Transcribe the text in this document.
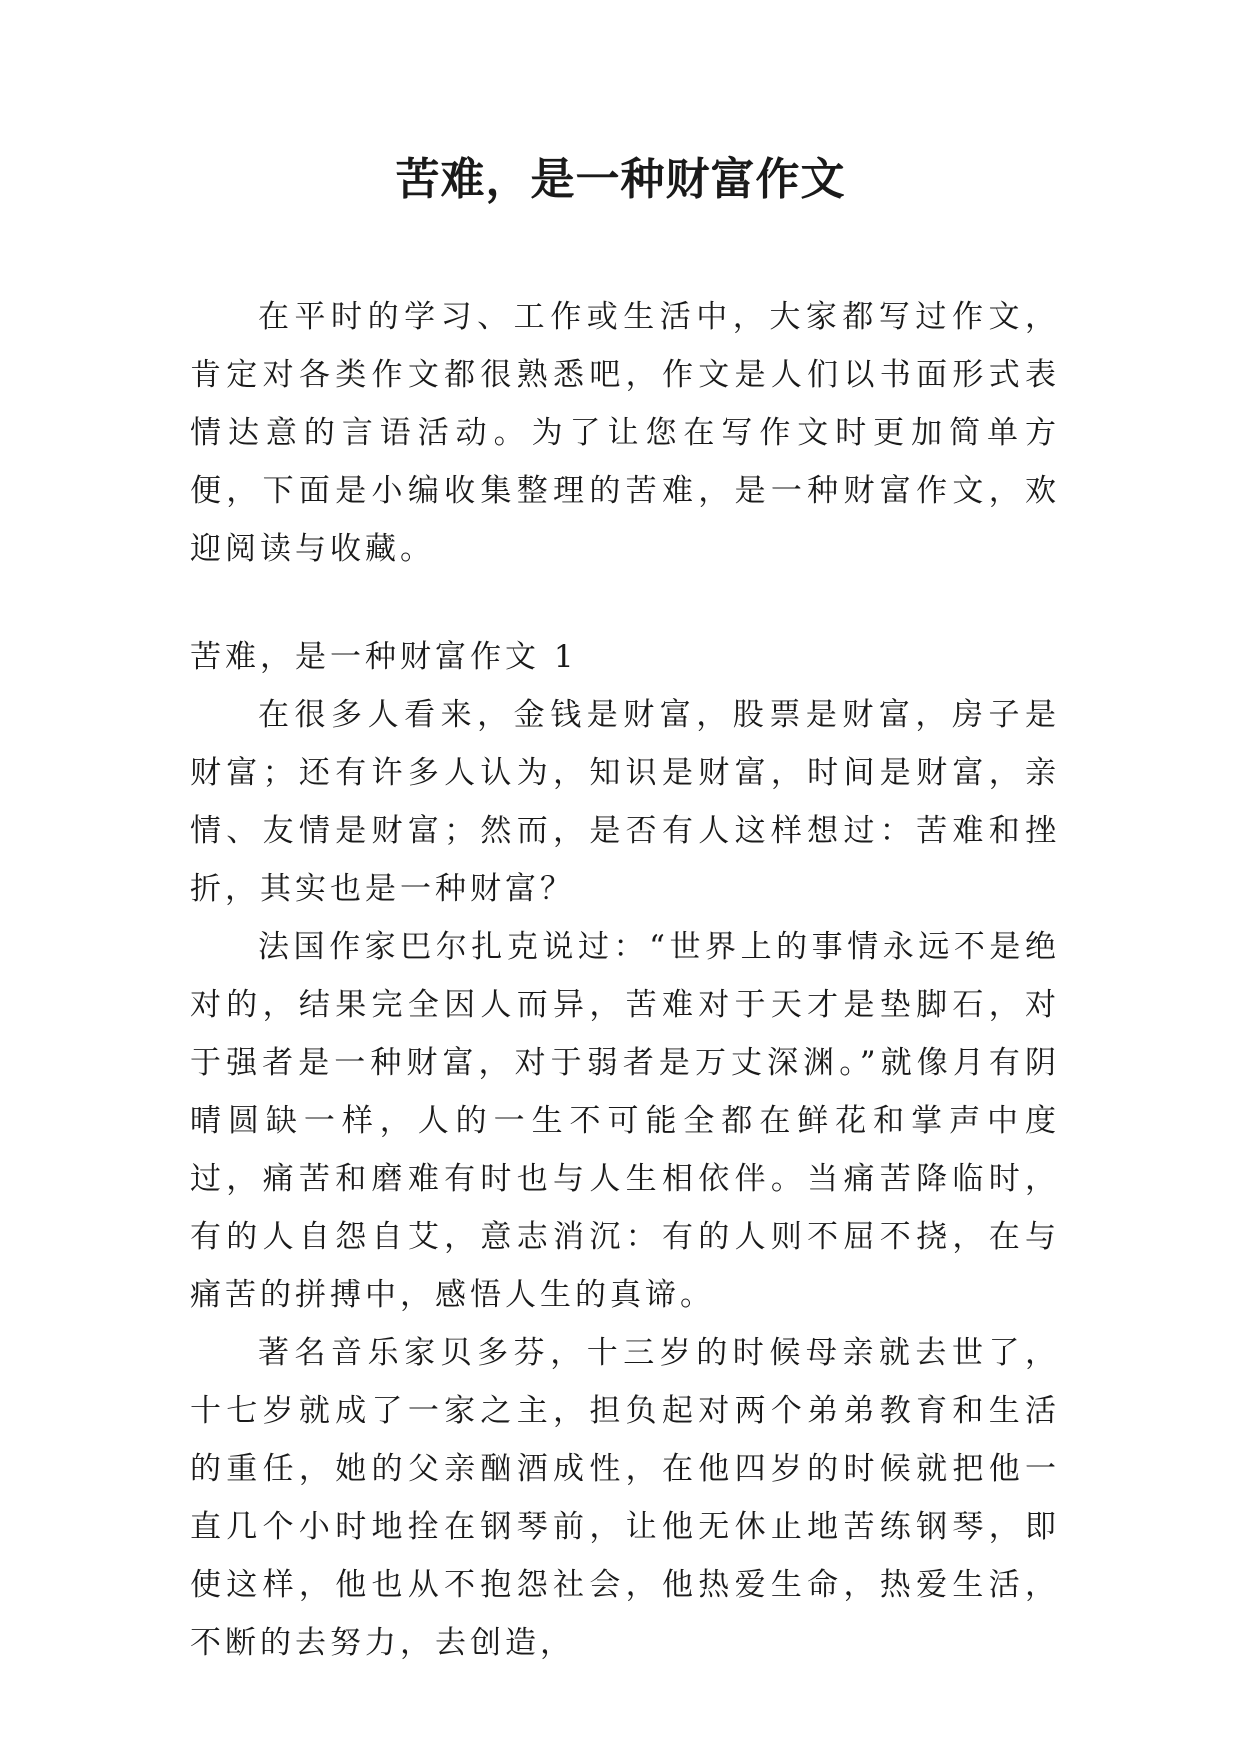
苦难，是一种财富作文

在平时的学习、工作或生活中，大家都写过作文，肯定对各类作文都很熟悉吧，作文是人们以书面形式表情达意的言语活动。为了让您在写作文时更加简单方便，下面是小编收集整理的苦难，是一种财富作文，欢迎阅读与收藏。

苦难，是一种财富作文 1

在很多人看来，金钱是财富，股票是财富，房子是财富；还有许多人认为，知识是财富，时间是财富，亲情、友情是财富；然而，是否有人这样想过：苦难和挫折，其实也是一种财富？

法国作家巴尔扎克说过：“世界上的事情永远不是绝对的，结果完全因人而异，苦难对于天才是垫脚石，对于强者是一种财富，对于弱者是万丈深渊。”就像月有阴晴圆缺一样，人的一生不可能全都在鲜花和掌声中度过，痛苦和磨难有时也与人生相依伴。当痛苦降临时，有的人自怨自艾，意志消沉：有的人则不屈不挠，在与痛苦的拼搏中，感悟人生的真谛。

著名音乐家贝多芬，十三岁的时候母亲就去世了，十七岁就成了一家之主，担负起对两个弟弟教育和生活的重任，她的父亲酗酒成性，在他四岁的时候就把他一直几个小时地拴在钢琴前，让他无休止地苦练钢琴，即使这样，他也从不抱怨社会，他热爱生命，热爱生活，不断的去努力，去创造，
